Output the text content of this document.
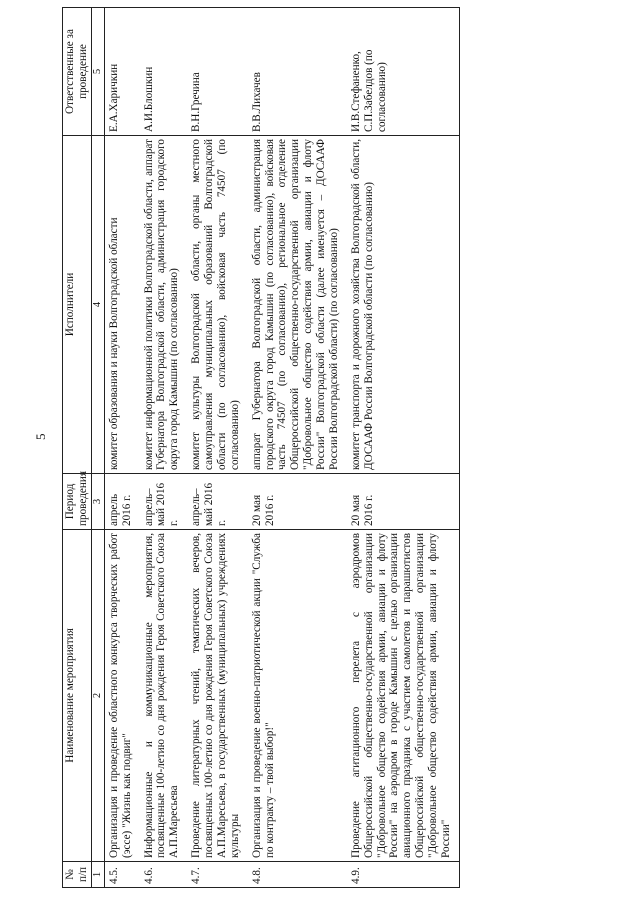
5
№ п/п	Наименование мероприятия	Период проведения	Исполнители	Ответственные за проведение
1	2	3	4	5
4.5.	Организация и проведение областного конкурса творческих работ (эссе) "Жизнь как подвиг"	апрель 2016 г.	комитет образования и науки Волгоградской области	Е.А.Харичкин
4.6.	Информационные и коммуникационные мероприятия, посвященные 100-летию со дня рождения Героя Советского Союза А.П.Маресьева	апрель–май 2016 г.	комитет информационной политики Волгоградской области, аппарат Губернатора Волгоградской области, администрация городского округа город Камышин (по согласованию)	А.И.Блошкин
4.7.	Проведение литературных чтений, тематических вечеров, посвященных 100-летию со дня рождения Героя Советского Союза А.П.Маресьева, в государственных (муниципальных) учреждениях культуры	апрель–май 2016 г.	комитет культуры Волгоградской области, органы местного самоуправления муниципальных образований Волгоградской области (по согласованию), войсковая часть 74507 (по согласованию)	В.Н.Гречина
4.8.	Организация и проведение военно-патриотической акции "Служба по контракту – твой выбор!"	20 мая 2016 г.	аппарат Губернатора Волгоградской области, администрация городского округа город Камышин (по согласованию), войсковая часть 74507 (по согласованию), региональное отделение Общероссийской общественно-государственной организации "Добровольное общество содействия армии, авиации и флоту России" Волгоградской области (далее именуется – ДОСААФ России Волгоградской области) (по согласованию)	В.В.Лихачев
4.9.	Проведение агитационного перелета с аэродромов Общероссийской общественно-государственной организации "Добровольное общество содействия армии, авиации и флоту России" на аэродром в городе Камышин с целью организации авиационного праздника с участием самолетов и парашютистов Общероссийской общественно-государственной организации "Добровольное общество содействия армии, авиации и флоту России"	20 мая 2016 г.	комитет транспорта и дорожного хозяйства Волгоградской области, ДОСААФ России Волгоградской области (по согласованию)	И.В.Стефаненко, С.П.Забелдов (по согласованию)
